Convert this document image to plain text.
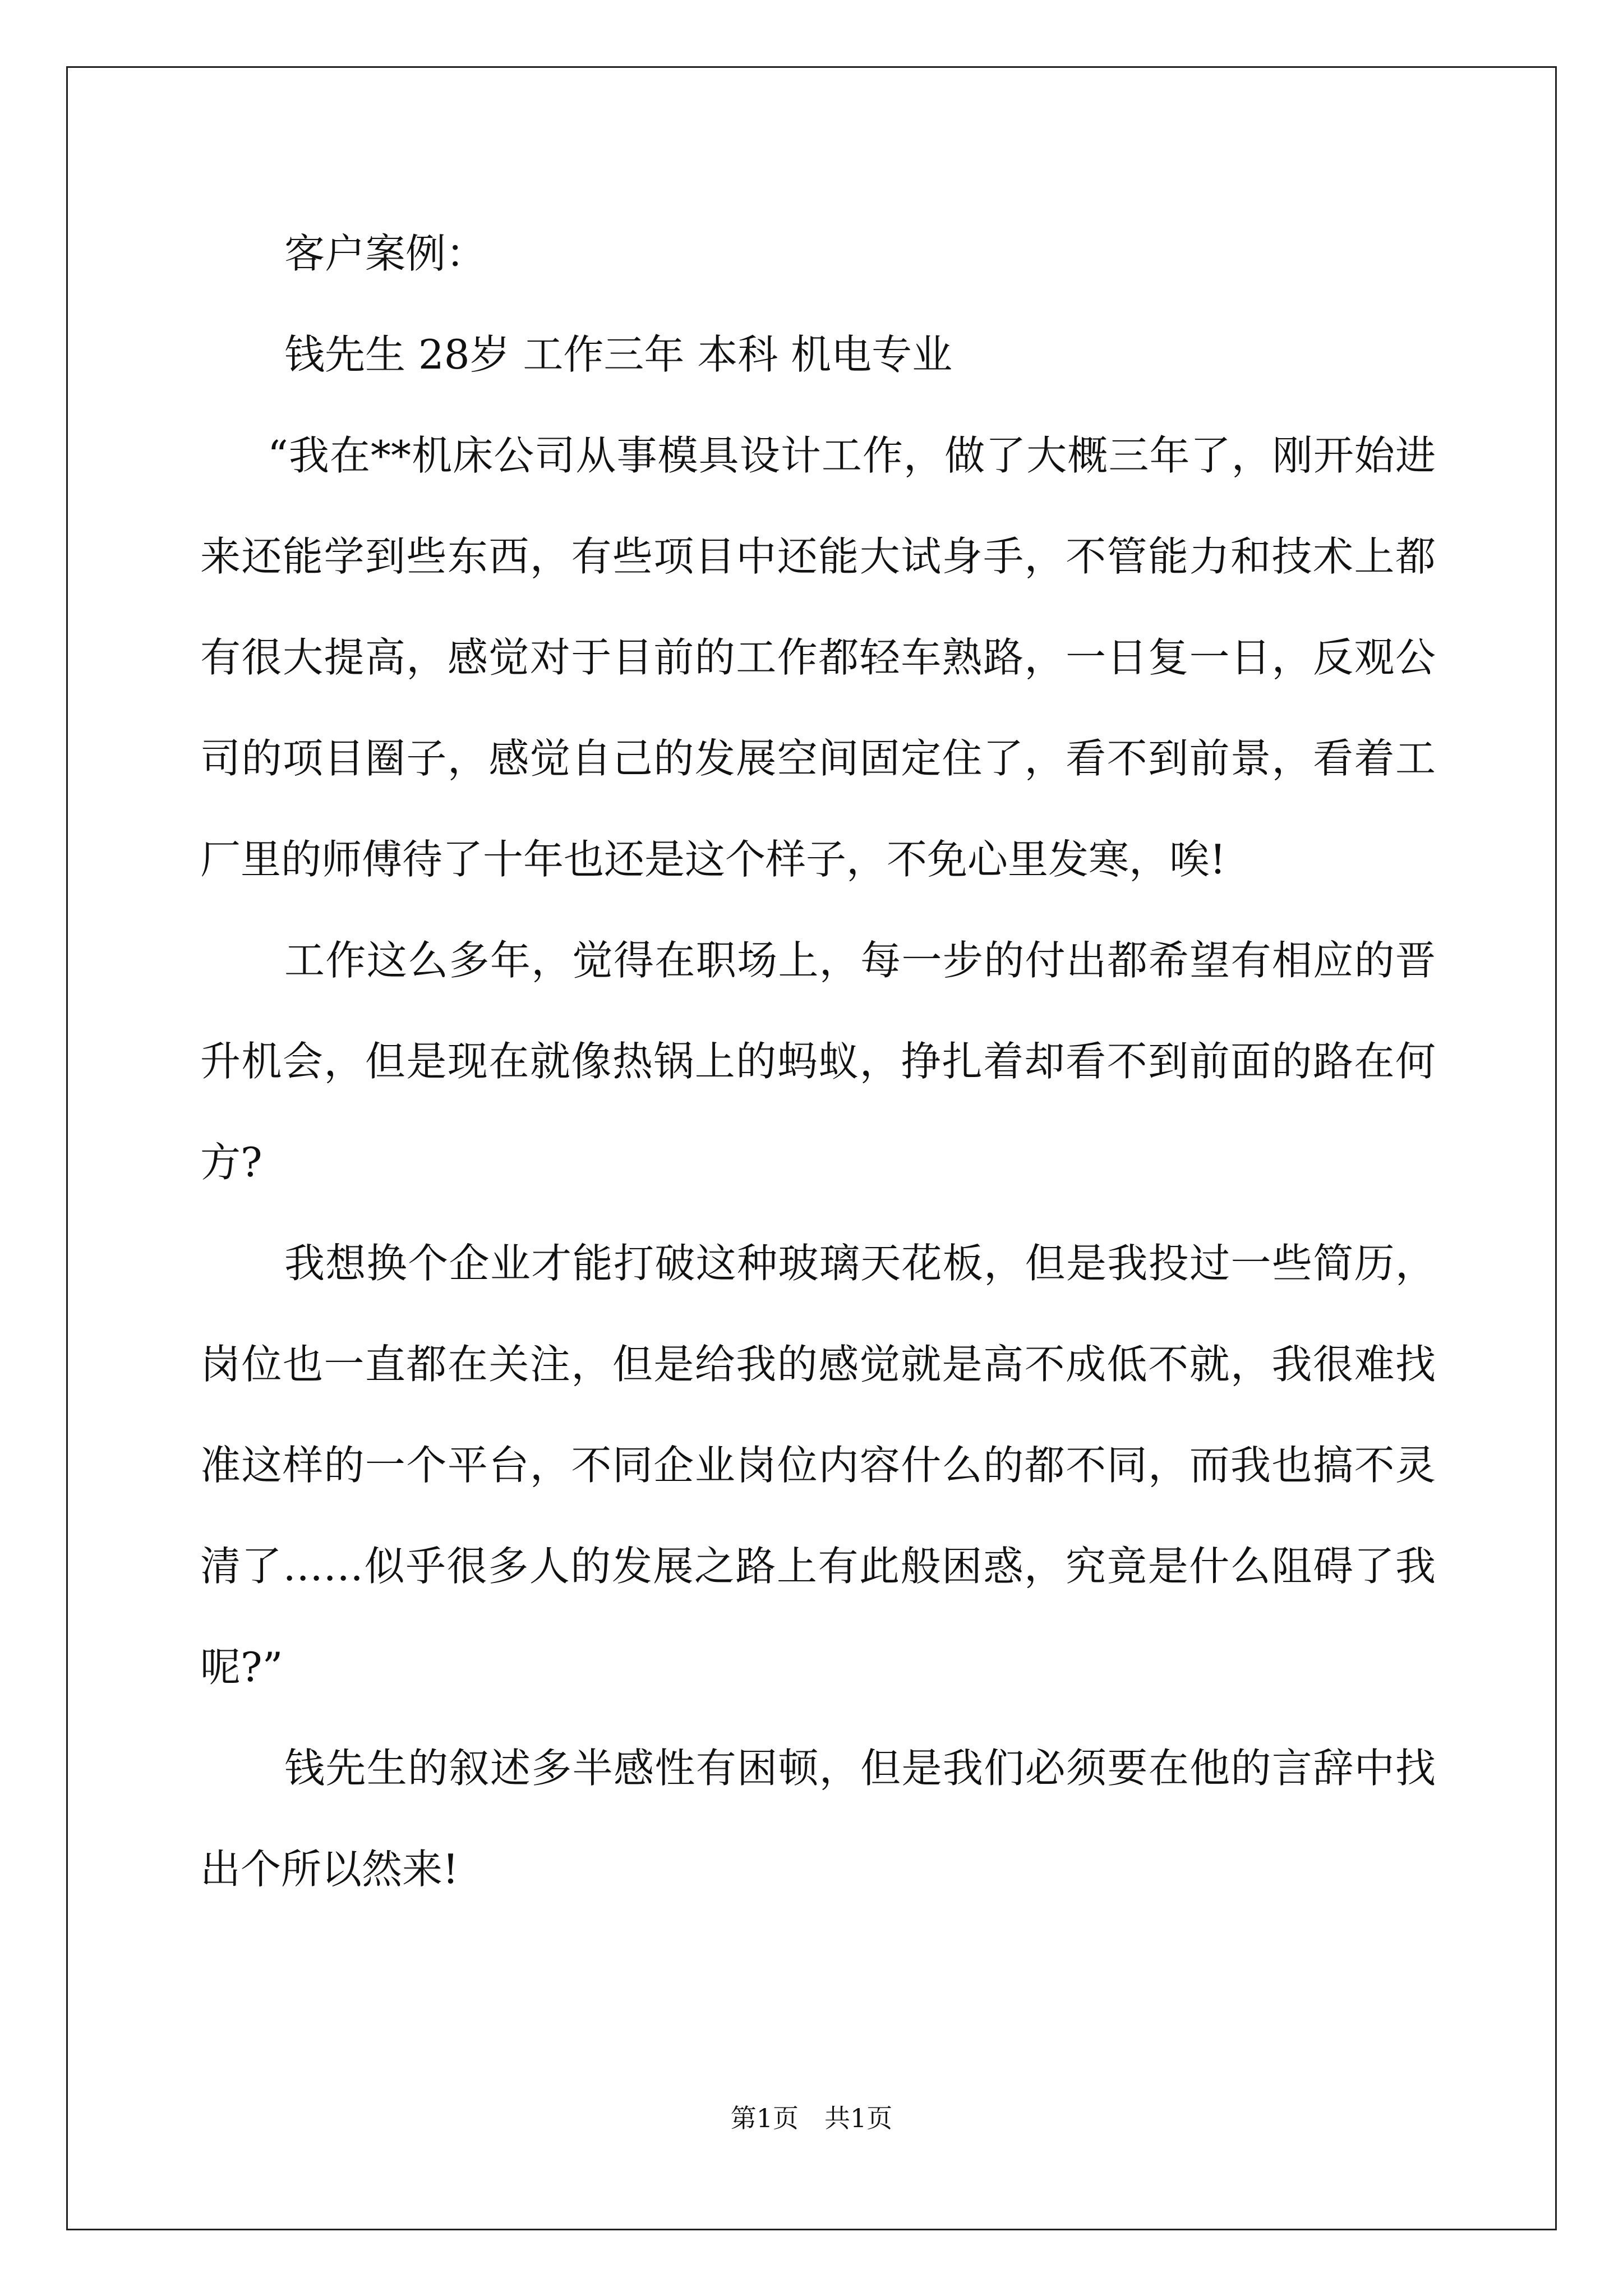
客户案例：

钱先生 28岁 工作三年 本科 机电专业

“我在**机床公司从事模具设计工作，做了大概三年了，刚开始进来还能学到些东西，有些项目中还能大试身手，不管能力和技术上都有很大提高，感觉对于目前的工作都轻车熟路，一日复一日，反观公司的项目圈子，感觉自己的发展空间固定住了，看不到前景，看着工厂里的师傅待了十年也还是这个样子，不免心里发寒，唉!

工作这么多年，觉得在职场上，每一步的付出都希望有相应的晋升机会，但是现在就像热锅上的蚂蚁，挣扎着却看不到前面的路在何方?

我想换个企业才能打破这种玻璃天花板，但是我投过一些简历，岗位也一直都在关注，但是给我的感觉就是高不成低不就，我很难找准这样的一个平台，不同企业岗位内容什么的都不同，而我也搞不灵清了……似乎很多人的发展之路上有此般困惑，究竟是什么阻碍了我呢?”

钱先生的叙述多半感性有困顿，但是我们必须要在他的言辞中找出个所以然来!

第1页　共1页
